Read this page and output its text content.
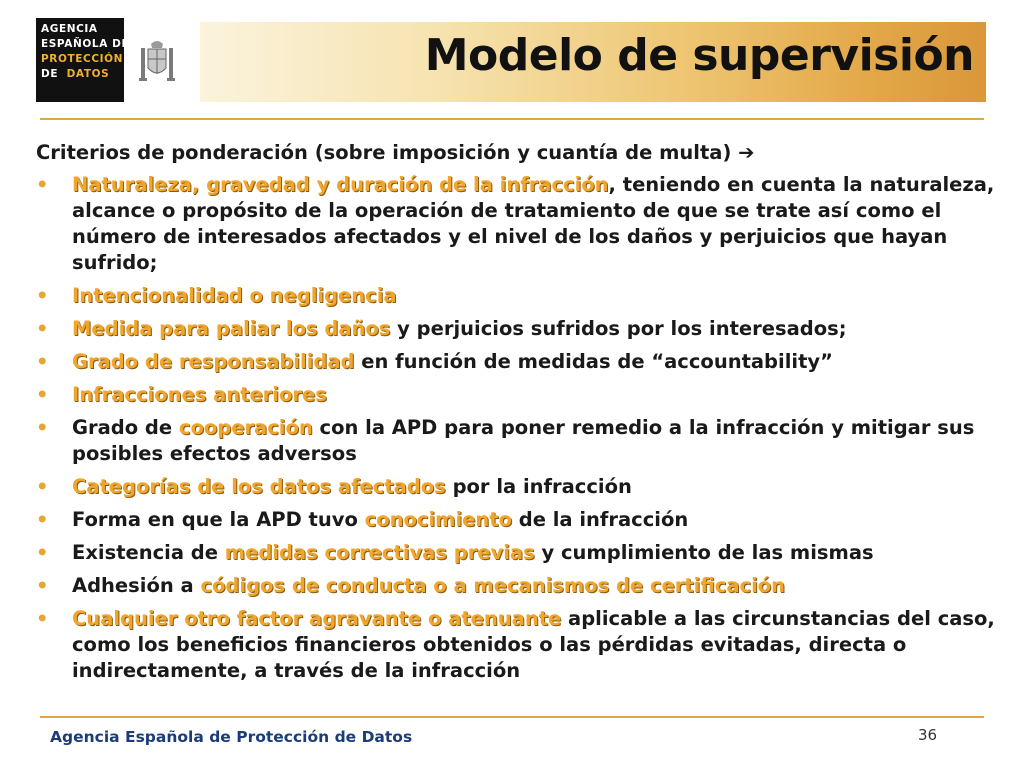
AGENCIA
ESPAÑOLA DE
PROTECCIÓN
DE DATOS	Modelo de supervisión

Criterios de ponderación (sobre imposición y cuantía de multa) ➔

• Naturaleza, gravedad y duración de la infracción, teniendo en cuenta la naturaleza, alcance o propósito de la operación de tratamiento de que se trate así como el número de interesados afectados y el nivel de los daños y perjuicios que hayan sufrido;
• Intencionalidad o negligencia
• Medida para paliar los daños y perjuicios sufridos por los interesados;
• Grado de responsabilidad en función de medidas de “accountability”
• Infracciones anteriores
• Grado de cooperación con la APD para poner remedio a la infracción y mitigar sus posibles efectos adversos
• Categorías de los datos afectados por la infracción
• Forma en que la APD tuvo conocimiento de la infracción
• Existencia de medidas correctivas previas y cumplimiento de las mismas
• Adhesión a códigos de conducta o a mecanismos de certificación
• Cualquier otro factor agravante o atenuante aplicable a las circunstancias del caso, como los beneficios financieros obtenidos o las pérdidas evitadas, directa o indirectamente, a través de la infracción

Agencia Española de Protección de Datos	36
